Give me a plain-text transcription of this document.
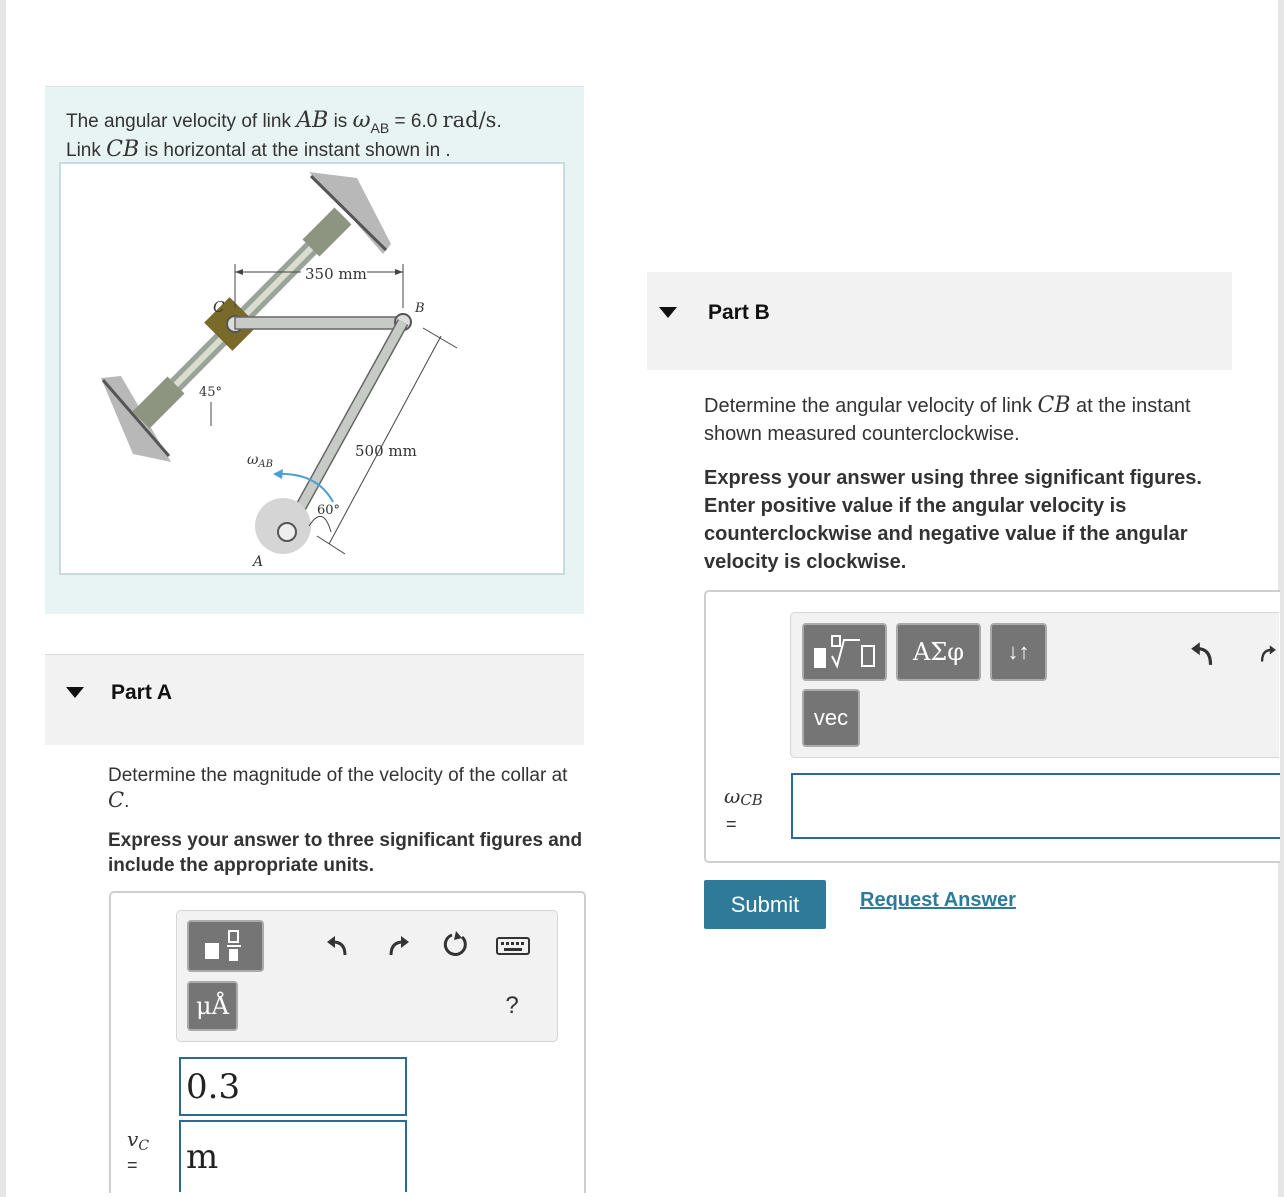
The angular velocity of link AB is $\omega_{AB} = 6.0$ rad/s.
Link CB is horizontal at the instant shown in .
350 mm
500 mm
45°
60°
$\omega_{AB}$
C	B
A
Part A
Determine the magnitude of the velocity of the collar at C.
Express your answer to three significant figures and include the appropriate units.
μÅ	?
0.3
m
$v_C$
=
Part B
Determine the angular velocity of link CB at the instant shown measured counterclockwise.
Express your answer using three significant figures. Enter positive value if the angular velocity is counterclockwise and negative value if the angular velocity is clockwise.
ΑΣφ	↓↑
vec
ωCB
=
Submit	Request Answer
